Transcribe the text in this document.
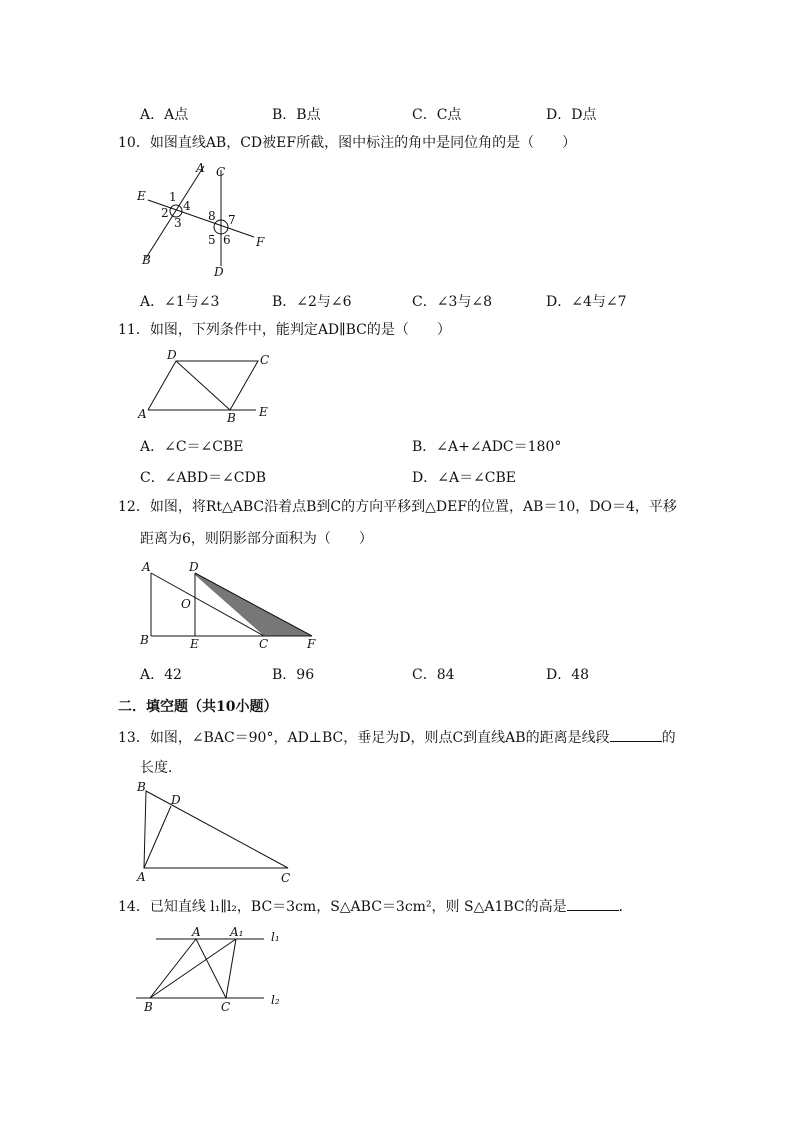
A．A点	B．B点	C．C点	D．D点
10．如图直线AB，CD被EF所截，图中标注的角中是同位角的是（　　）
A
B
C
D
E
F
1
2
3
4
5 6
7
8
A．∠1与∠3	B．∠2与∠6	C．∠3与∠8	D．∠4与∠7
11．如图，下列条件中，能判定AD∥BC的是（　　）
A	B
C
D
E
A．∠C＝∠CBE	B．∠A+∠ADC＝180°
C．∠ABD＝∠CDB	D．∠A＝∠CBE
12．如图，将Rt△ABC沿着点B到C的方向平移到△DEF的位置，AB＝10，DO＝4，平移
距离为6，则阴影部分面积为（　　）
A
B	C
D
E	F
O
A．42	B．96	C．84	D．48
二．填空题（共10小题）
13．如图，∠BAC＝90°，AD⊥BC，垂足为D，则点C到直线AB的距离是线段	的
长度．
B
D
A	C
14．已知直线 l₁∥l₂，BC＝3cm，S△ABC＝3cm²，则 S△A1BC的高是	．
A A₁
B	C
l₁
l₂
